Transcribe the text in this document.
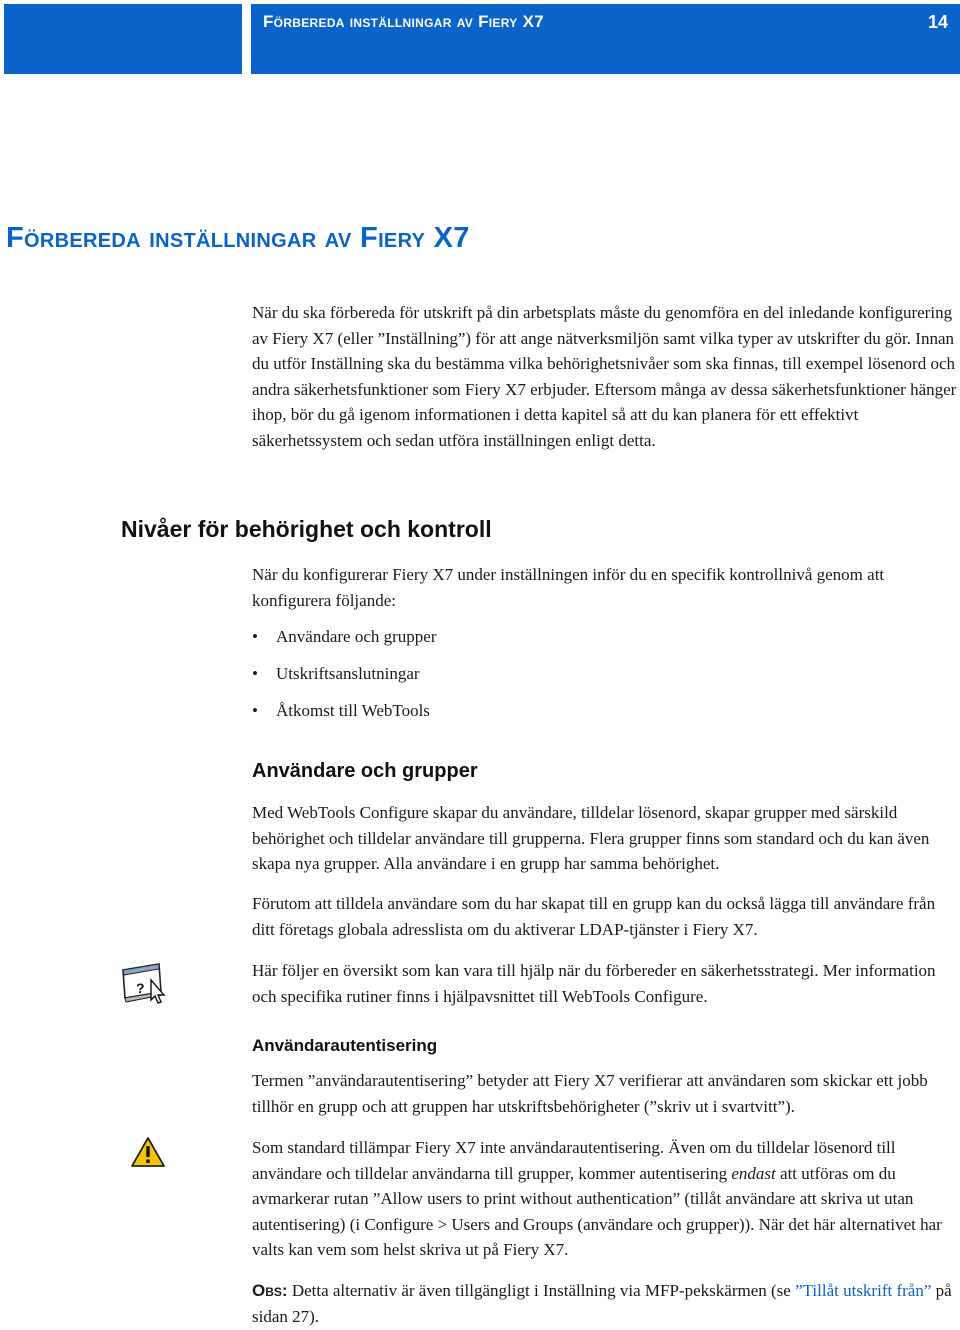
Förbereda inställningar av Fiery X7	14
Förbereda inställningar av Fiery X7

När du ska förbereda för utskrift på din arbetsplats måste du genomföra en del inledande konfigurering av Fiery X7 (eller ”Inställning”) för att ange nätverksmiljön samt vilka typer av utskrifter du gör. Innan du utför Inställning ska du bestämma vilka behörighetsnivåer som ska finnas, till exempel lösenord och andra säkerhetsfunktioner som Fiery X7 erbjuder. Eftersom många av dessa säkerhetsfunktioner hänger ihop, bör du gå igenom informationen i detta kapitel så att du kan planera för ett effektivt säkerhetssystem och sedan utföra inställningen enligt detta.

Nivåer för behörighet och kontroll

När du konfigurerar Fiery X7 under inställningen inför du en specifik kontrollnivå genom att konfigurera följande:

• Användare och grupper
• Utskriftsanslutningar
• Åtkomst till WebTools
Användare och grupper

Med WebTools Configure skapar du användare, tilldelar lösenord, skapar grupper med särskild behörighet och tilldelar användare till grupperna. Flera grupper finns som standard och du kan även skapa nya grupper. Alla användare i en grupp har samma behörighet.

Förutom att tilldela användare som du har skapat till en grupp kan du också lägga till användare från ditt företags globala adresslista om du aktiverar LDAP-tjänster i Fiery X7.

?

Här följer en översikt som kan vara till hjälp när du förbereder en säkerhetsstrategi. Mer information och specifika rutiner finns i hjälpavsnittet till WebTools Configure.

Användarautentisering

Termen ”användarautentisering” betyder att Fiery X7 verifierar att användaren som skickar ett jobb tillhör en grupp och att gruppen har utskriftsbehörigheter (”skriv ut i svartvitt”).

Som standard tillämpar Fiery X7 inte användarautentisering. Även om du tilldelar lösenord till användare och tilldelar användarna till grupper, kommer autentisering endast att utföras om du avmarkerar rutan ”Allow users to print without authentication” (tillåt användare att skriva ut utan autentisering) (i Configure > Users and Groups (användare och grupper)). När det här alternativet har valts kan vem som helst skriva ut på Fiery X7.

Obs: Detta alternativ är även tillgängligt i Inställning via MFP-pekskärmen (se ”Tillåt utskrift från” på sidan 27).
